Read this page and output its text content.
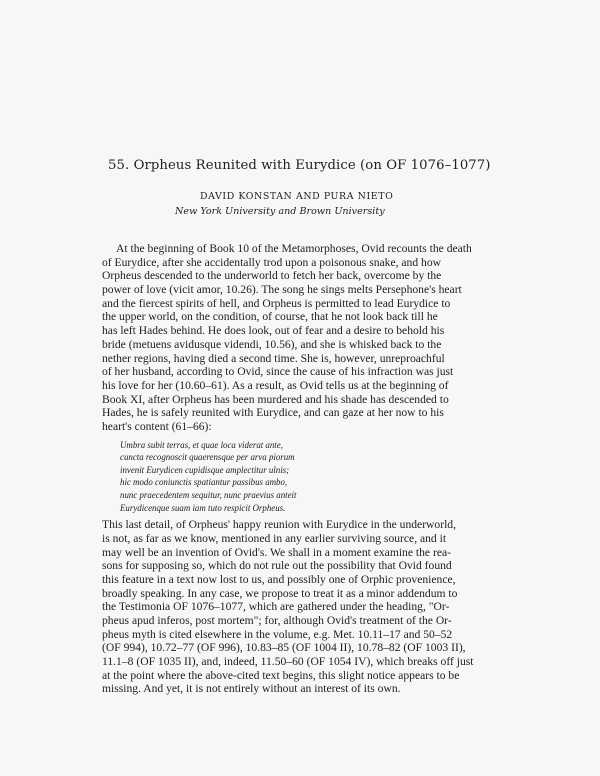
55. Orpheus Reunited with Eurydice (on OF 1076–1077)
DAVID KONSTAN AND PURA NIETO
New York University and Brown University
At the beginning of Book 10 of the Metamorphoses, Ovid recounts the death
of Eurydice, after she accidentally trod upon a poisonous snake, and how
Orpheus descended to the underworld to fetch her back, overcome by the
power of love (vicit amor, 10.26). The song he sings melts Persephone's heart
and the fiercest spirits of hell, and Orpheus is permitted to lead Eurydice to
the upper world, on the condition, of course, that he not look back till he
has left Hades behind. He does look, out of fear and a desire to behold his
bride (metuens avidusque videndi, 10.56), and she is whisked back to the
nether regions, having died a second time. She is, however, unreproachful
of her husband, according to Ovid, since the cause of his infraction was just
his love for her (10.60–61). As a result, as Ovid tells us at the beginning of
Book XI, after Orpheus has been murdered and his shade has descended to
Hades, he is safely reunited with Eurydice, and can gaze at her now to his
heart's content (61–66):
Umbra subit terras, et quae loca viderat ante,
cuncta recognoscit quaerensque per arva piorum
invenit Eurydicen cupidisque amplectitur ulnis;
hic modo coniunctis spatiantur passibus ambo,
nunc praecedentem sequitur, nunc praevius anteit
Eurydicenque suam iam tuto respicit Orpheus.
This last detail, of Orpheus' happy reunion with Eurydice in the underworld,
is not, as far as we know, mentioned in any earlier surviving source, and it
may well be an invention of Ovid's. We shall in a moment examine the rea-
sons for supposing so, which do not rule out the possibility that Ovid found
this feature in a text now lost to us, and possibly one of Orphic provenience,
broadly speaking. In any case, we propose to treat it as a minor addendum to
the Testimonia OF 1076–1077, which are gathered under the heading, "Or-
pheus apud inferos, post mortem"; for, although Ovid's treatment of the Or-
pheus myth is cited elsewhere in the volume, e.g. Met. 10.11–17 and 50–52
(OF 994), 10.72–77 (OF 996), 10.83–85 (OF 1004 II), 10.78–82 (OF 1003 II),
11.1–8 (OF 1035 II), and, indeed, 11.50–60 (OF 1054 IV), which breaks off just
at the point where the above-cited text begins, this slight notice appears to be
missing. And yet, it is not entirely without an interest of its own.
